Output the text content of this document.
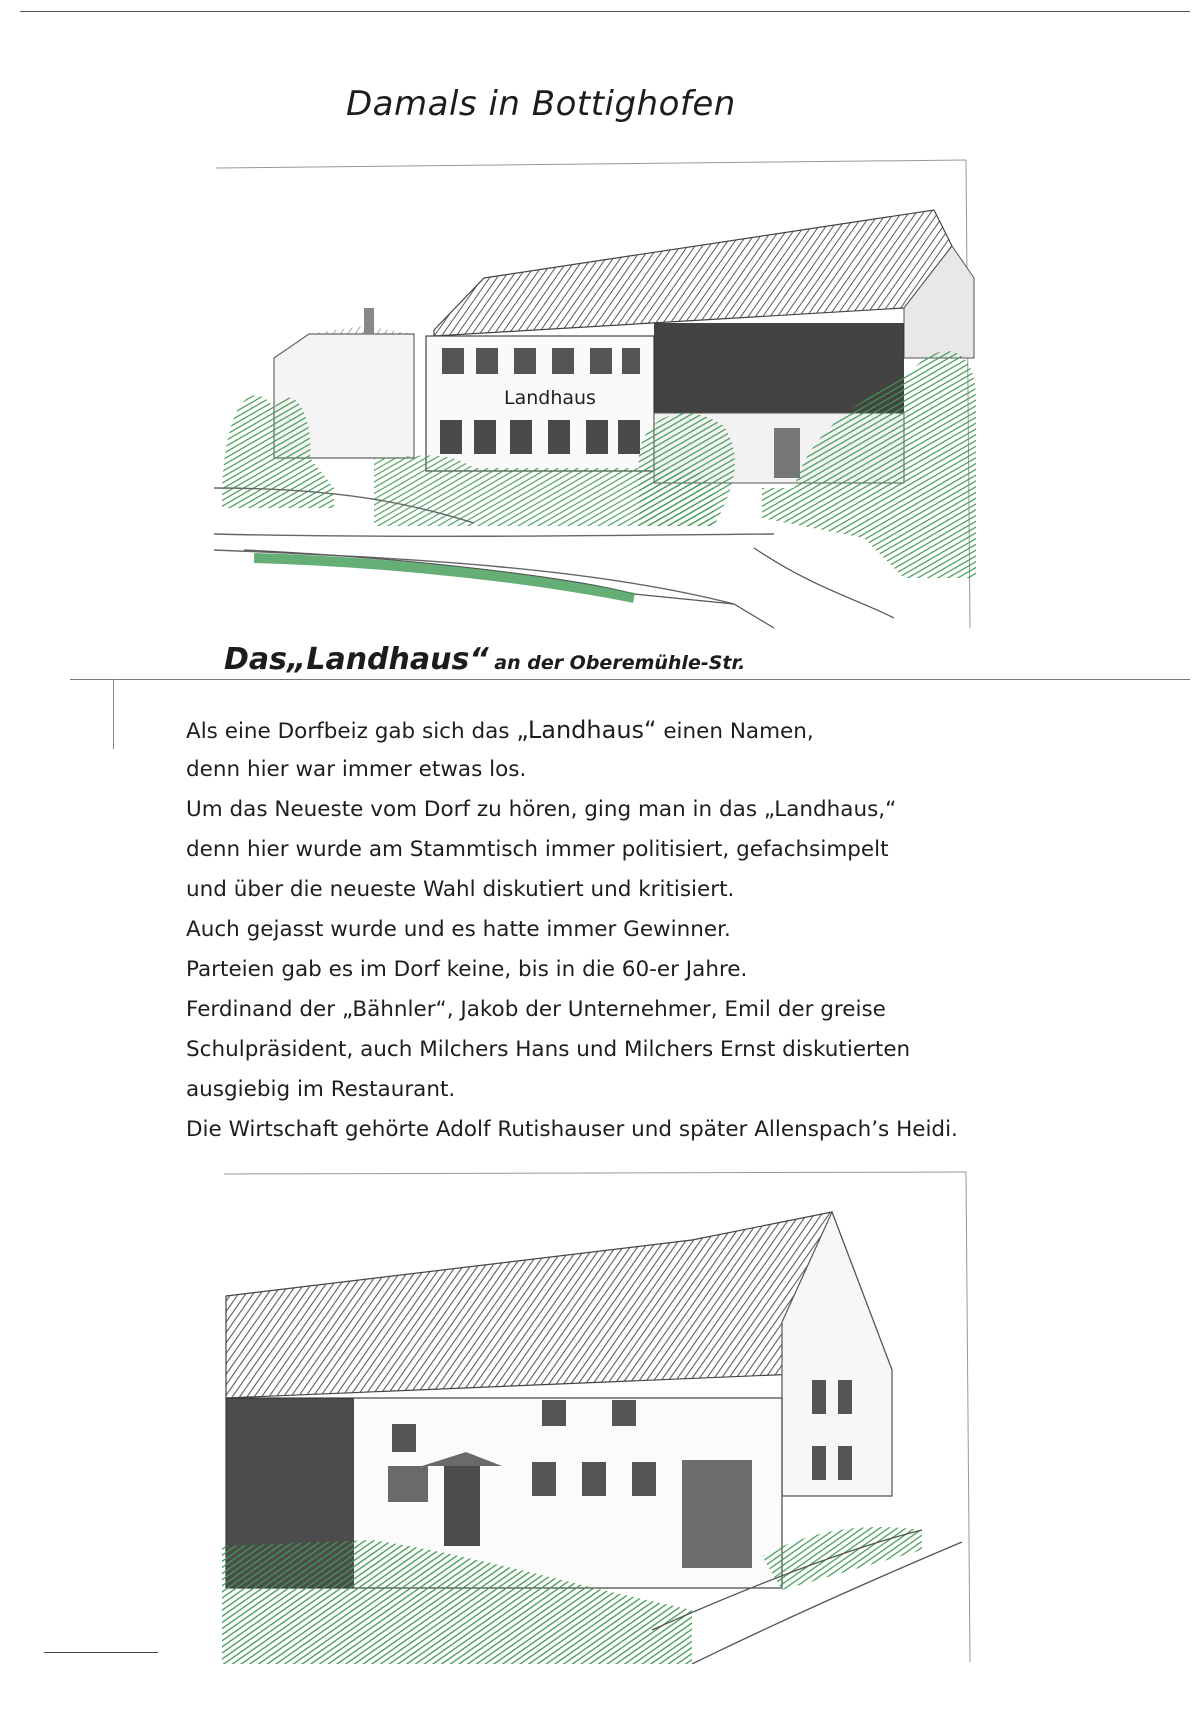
Damals in Bottighofen
Landhaus
Das„Landhaus“ an der Oberemühle-Str.
Als eine Dorfbeiz gab sich das „Landhaus“ einen Namen,
denn hier war immer etwas los.
Um das Neueste vom Dorf zu hören, ging man in das „Landhaus,“
denn hier wurde am Stammtisch immer politisiert, gefachsimpelt
und über die neueste Wahl diskutiert und kritisiert.
Auch gejasst wurde und es hatte immer Gewinner.
Parteien gab es im Dorf keine, bis in die 60-er Jahre.
Ferdinand der „Bähnler“, Jakob der Unternehmer, Emil der greise
Schulpräsident, auch Milchers Hans und Milchers Ernst diskutierten
ausgiebig im Restaurant.
Die Wirtschaft gehörte Adolf Rutishauser und später Allenspach’s Heidi.
